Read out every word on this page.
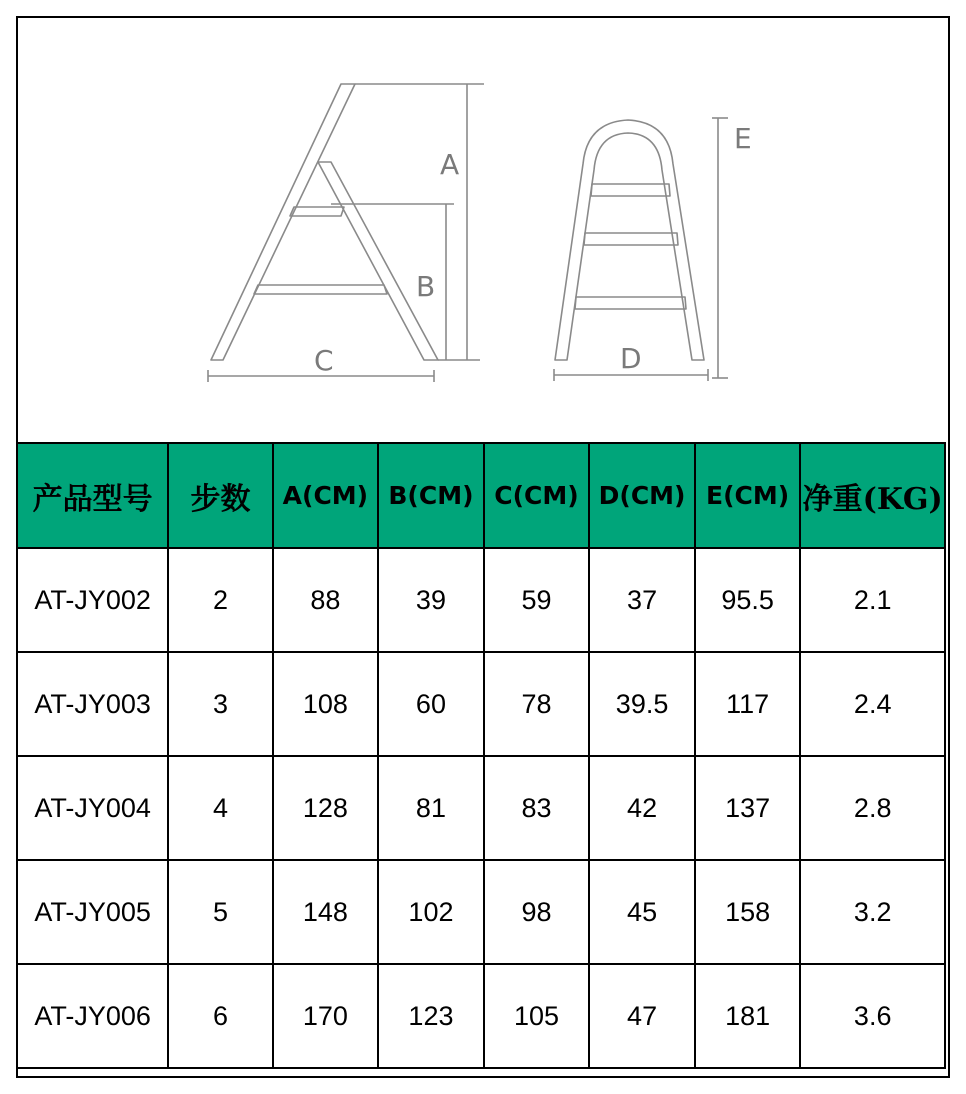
A
B
C	D
E
产品型号	步数	A(CM)	B(CM)	C(CM)	D(CM)	E(CM)	净重(KG)
AT-JY002	2	88	39	59	37	95.5	2.1
AT-JY003	3	108	60	78	39.5	117	2.4
AT-JY004	4	128	81	83	42	137	2.8
AT-JY005	5	148	102	98	45	158	3.2
AT-JY006	6	170	123	105	47	181	3.6
